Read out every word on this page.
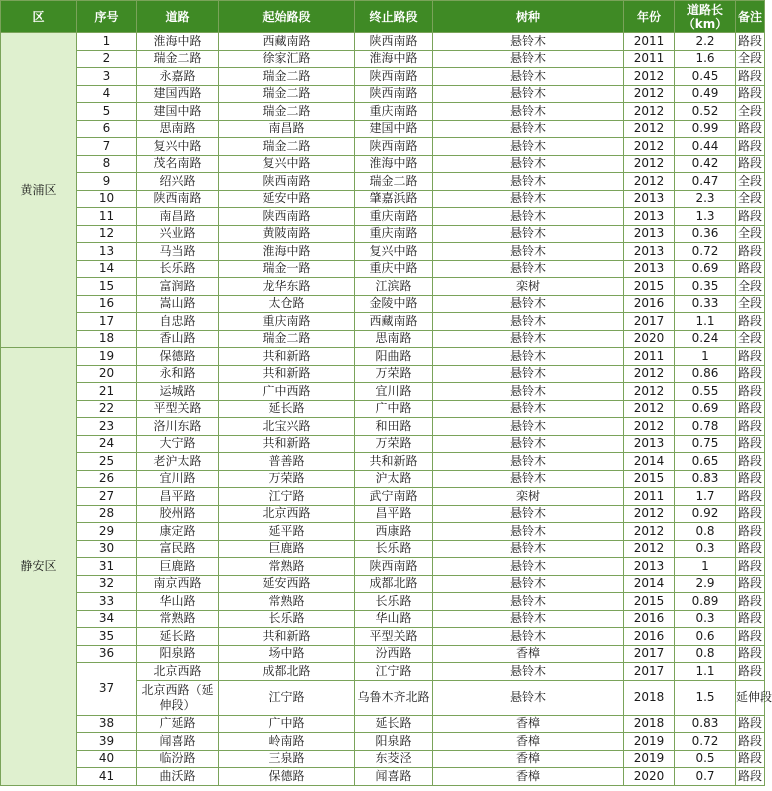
区	序号	道路	起始路段	终止路段	树种	年份	道路长（km）	备注
黄浦区	1	淮海中路	西藏南路	陕西南路	悬铃木	2011	2.2	路段
	2	瑞金二路	徐家汇路	淮海中路	悬铃木	2011	1.6	全段
	3	永嘉路	瑞金二路	陕西南路	悬铃木	2012	0.45	路段
	4	建国西路	瑞金二路	陕西南路	悬铃木	2012	0.49	路段
	5	建国中路	瑞金二路	重庆南路	悬铃木	2012	0.52	全段
	6	思南路	南昌路	建国中路	悬铃木	2012	0.99	路段
	7	复兴中路	瑞金二路	陕西南路	悬铃木	2012	0.44	路段
	8	茂名南路	复兴中路	淮海中路	悬铃木	2012	0.42	路段
	9	绍兴路	陕西南路	瑞金二路	悬铃木	2012	0.47	全段
	10	陕西南路	延安中路	肇嘉浜路	悬铃木	2013	2.3	全段
	11	南昌路	陕西南路	重庆南路	悬铃木	2013	1.3	路段
	12	兴业路	黄陂南路	重庆南路	悬铃木	2013	0.36	全段
	13	马当路	淮海中路	复兴中路	悬铃木	2013	0.72	路段
	14	长乐路	瑞金一路	重庆中路	悬铃木	2013	0.69	路段
	15	富润路	龙华东路	江滨路	栾树	2015	0.35	全段
	16	嵩山路	太仓路	金陵中路	悬铃木	2016	0.33	全段
	17	自忠路	重庆南路	西藏南路	悬铃木	2017	1.1	路段
	18	香山路	瑞金二路	思南路	悬铃木	2020	0.24	全段
静安区	19	保德路	共和新路	阳曲路	悬铃木	2011	1	路段
	20	永和路	共和新路	万荣路	悬铃木	2012	0.86	路段
	21	运城路	广中西路	宜川路	悬铃木	2012	0.55	路段
	22	平型关路	延长路	广中路	悬铃木	2012	0.69	路段
	23	洛川东路	北宝兴路	和田路	悬铃木	2012	0.78	路段
	24	大宁路	共和新路	万荣路	悬铃木	2013	0.75	路段
	25	老沪太路	普善路	共和新路	悬铃木	2014	0.65	路段
	26	宜川路	万荣路	沪太路	悬铃木	2015	0.83	路段
	27	昌平路	江宁路	武宁南路	栾树	2011	1.7	路段
	28	胶州路	北京西路	昌平路	悬铃木	2012	0.92	路段
	29	康定路	延平路	西康路	悬铃木	2012	0.8	路段
	30	富民路	巨鹿路	长乐路	悬铃木	2012	0.3	路段
	31	巨鹿路	常熟路	陕西南路	悬铃木	2013	1	路段
	32	南京西路	延安西路	成都北路	悬铃木	2014	2.9	路段
	33	华山路	常熟路	长乐路	悬铃木	2015	0.89	路段
	34	常熟路	长乐路	华山路	悬铃木	2016	0.3	路段
	35	延长路	共和新路	平型关路	悬铃木	2016	0.6	路段
	36	阳泉路	场中路	汾西路	香樟	2017	0.8	路段
	37	北京西路	成都北路	江宁路	悬铃木	2017	1.1	路段
		北京西路（延伸段）	江宁路	乌鲁木齐北路	悬铃木	2018	1.5	延伸段
	38	广延路	广中路	延长路	香樟	2018	0.83	路段
	39	闻喜路	岭南路	阳泉路	香樟	2019	0.72	路段
	40	临汾路	三泉路	东茭泾	香樟	2019	0.5	路段
	41	曲沃路	保德路	闻喜路	香樟	2020	0.7	路段
